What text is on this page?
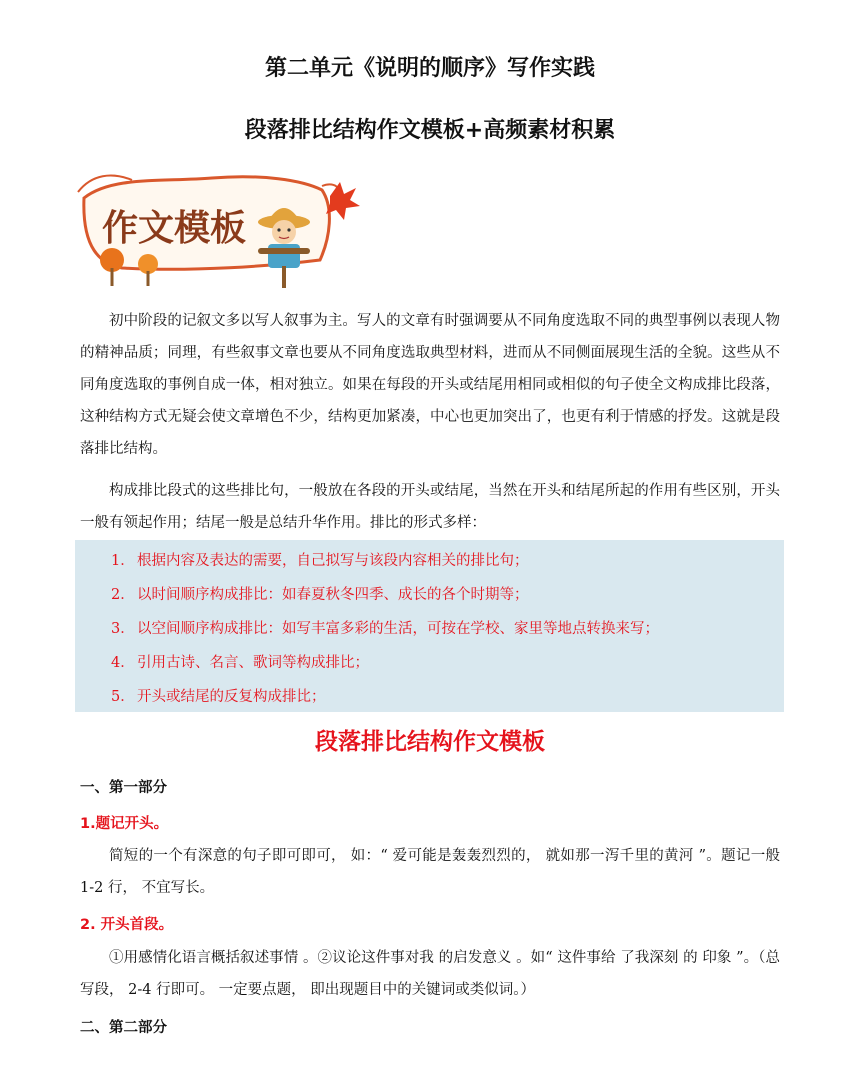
第二单元《说明的顺序》写作实践
段落排比结构作文模板+高频素材积累
作文模板

初中阶段的记叙文多以写人叙事为主。写人的文章有时强调要从不同角度选取不同的典型事例以表现人物的精神品质；同理，有些叙事文章也要从不同角度选取典型材料，进而从不同侧面展现生活的全貌。这些从不同角度选取的事例自成一体，相对独立。如果在每段的开头或结尾用相同或相似的句子使全文构成排比段落，这种结构方式无疑会使文章增色不少，结构更加紧凑，中心也更加突出了，也更有利于情感的抒发。这就是段落排比结构。

构成排比段式的这些排比句，一般放在各段的开头或结尾，当然在开头和结尾所起的作用有些区别，开头一般有领起作用；结尾一般是总结升华作用。排比的形式多样：

1． 根据内容及表达的需要，自己拟写与该段内容相关的排比句；
2． 以时间顺序构成排比：如春夏秋冬四季、成长的各个时期等；
3． 以空间顺序构成排比：如写丰富多彩的生活，可按在学校、家里等地点转换来写；
4． 引用古诗、名言、歌词等构成排比；
5． 开头或结尾的反复构成排比；
段落排比结构作文模板
一、第一部分
1.题记开头。

简短的一个有深意的句子即可即可， 如：“ 爱可能是轰轰烈烈的， 就如那一泻千里的黄河 ”。题记一般 1-2 行， 不宜写长。

2. 开头首段。

①用感情化语言概括叙述事情 。②议论这件事对我 的启发意义 。如“ 这件事给 了我深刻 的 印象 ”。（总写段， 2-4 行即可。 一定要点题， 即出现题目中的关键词或类似词。）

二、第二部分
